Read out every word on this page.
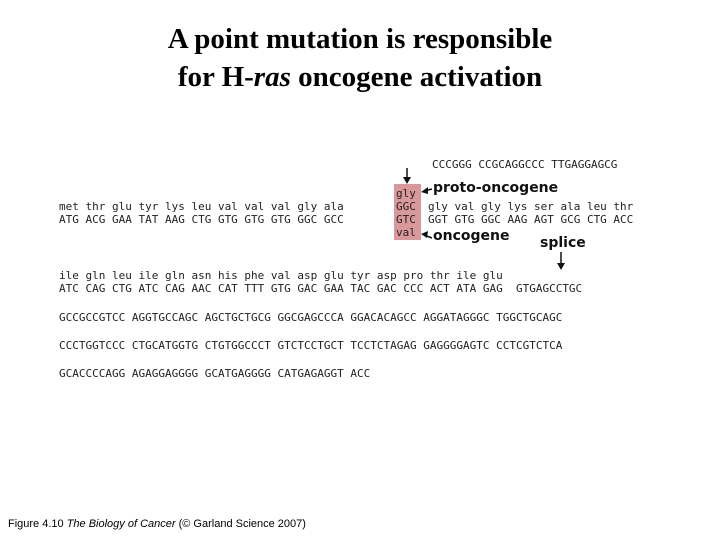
A point mutation is responsible
for H-ras oncogene activation
CCCGGG CCGCAGGCCC TTGAGGAGCG
gly
GGC
GTC
val
met thr glu tyr lys leu val val val gly ala
ATG ACG GAA TAT AAG CTG GTG GTG GTG GGC GCC
gly val gly lys ser ala leu thr
GGT GTG GGC AAG AGT GCG CTG ACC
proto-oncogene
oncogene splice
ile gln leu ile gln asn his phe val asp glu tyr asp pro thr ile glu
ATC CAG CTG ATC CAG AAC CAT TTT GTG GAC GAA TAC GAC CCC ACT ATA GAG  GTGAGCCTGC
GCCGCCGTCC AGGTGCCAGC AGCTGCTGCG GGCGAGCCCA GGACACAGCC AGGATAGGGC TGGCTGCAGC
CCCTGGTCCC CTGCATGGTG CTGTGGCCCT GTCTCCTGCT TCCTCTAGAG GAGGGGAGTC CCTCGTCTCA
GCACCCCAGG AGAGGAGGGG GCATGAGGGG CATGAGAGGT ACC
Figure 4.10 The Biology of Cancer (© Garland Science 2007)
